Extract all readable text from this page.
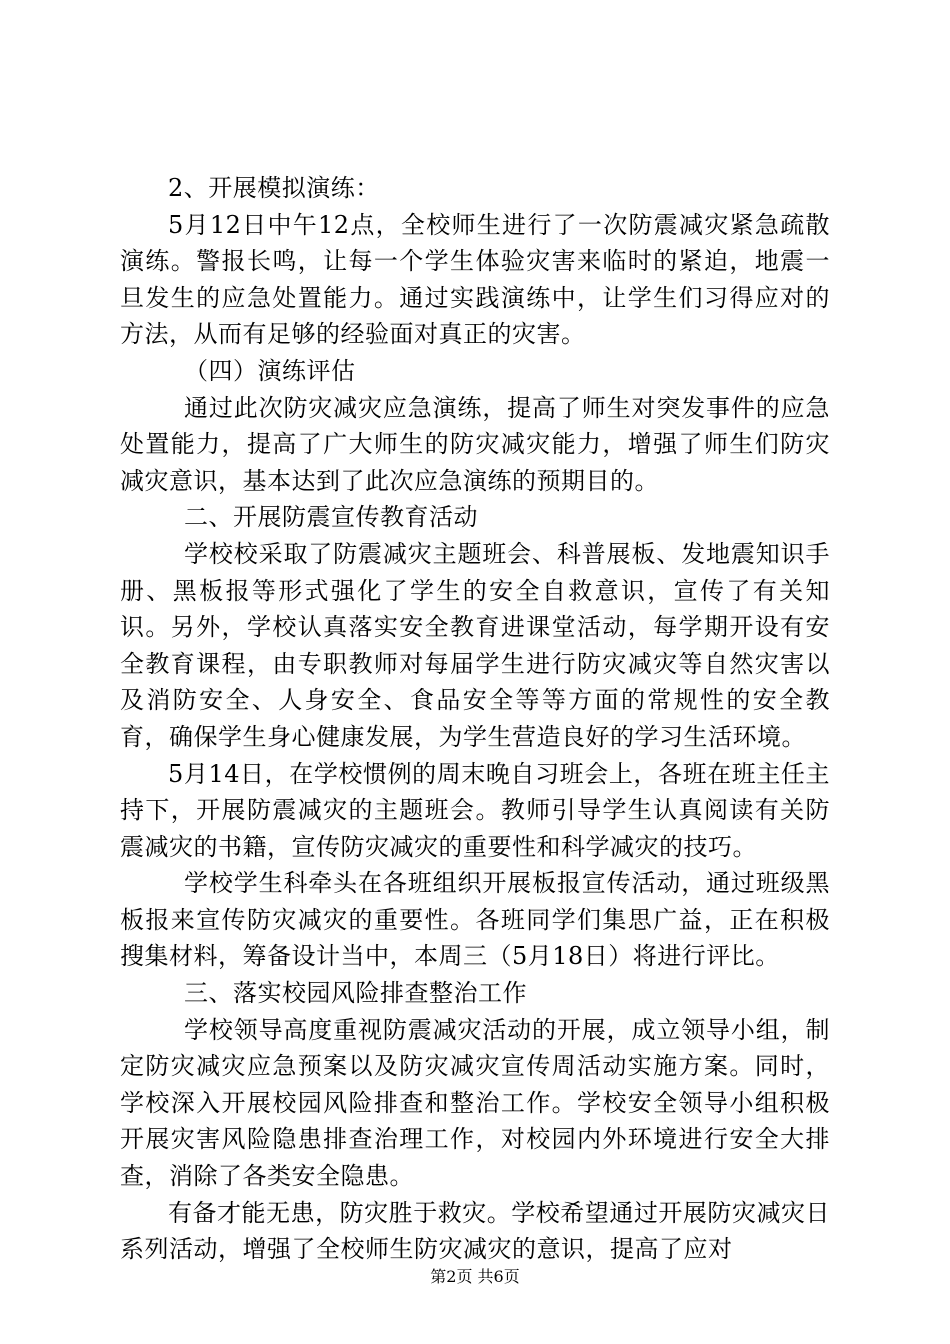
2、开展模拟演练：

5月12日中午12点，全校师生进行了一次防震减灾紧急疏散演练。警报长鸣，让每一个学生体验灾害来临时的紧迫，地震一旦发生的应急处置能力。通过实践演练中，让学生们习得应对的方法，从而有足够的经验面对真正的灾害。

（四）演练评估

通过此次防灾减灾应急演练，提高了师生对突发事件的应急处置能力，提高了广大师生的防灾减灾能力，增强了师生们防灾减灾意识，基本达到了此次应急演练的预期目的。

二、开展防震宣传教育活动

学校校采取了防震减灾主题班会、科普展板、发地震知识手册、黑板报等形式强化了学生的安全自救意识，宣传了有关知识。另外，学校认真落实安全教育进课堂活动，每学期开设有安全教育课程，由专职教师对每届学生进行防灾减灾等自然灾害以及消防安全、人身安全、食品安全等等方面的常规性的安全教育，确保学生身心健康发展，为学生营造良好的学习生活环境。

5月14日，在学校惯例的周末晚自习班会上，各班在班主任主持下，开展防震减灾的主题班会。教师引导学生认真阅读有关防震减灾的书籍，宣传防灾减灾的重要性和科学减灾的技巧。

学校学生科牵头在各班组织开展板报宣传活动，通过班级黑板报来宣传防灾减灾的重要性。各班同学们集思广益，正在积极搜集材料，筹备设计当中，本周三（5月18日）将进行评比。

三、落实校园风险排查整治工作

学校领导高度重视防震减灾活动的开展，成立领导小组，制定防灾减灾应急预案以及防灾减灾宣传周活动实施方案。同时，学校深入开展校园风险排查和整治工作。学校安全领导小组积极开展灾害风险隐患排查治理工作，对校园内外环境进行安全大排查，消除了各类安全隐患。

有备才能无患，防灾胜于救灾。学校希望通过开展防灾减灾日系列活动，增强了全校师生防灾减灾的意识，提高了应对

第2页 共6页
